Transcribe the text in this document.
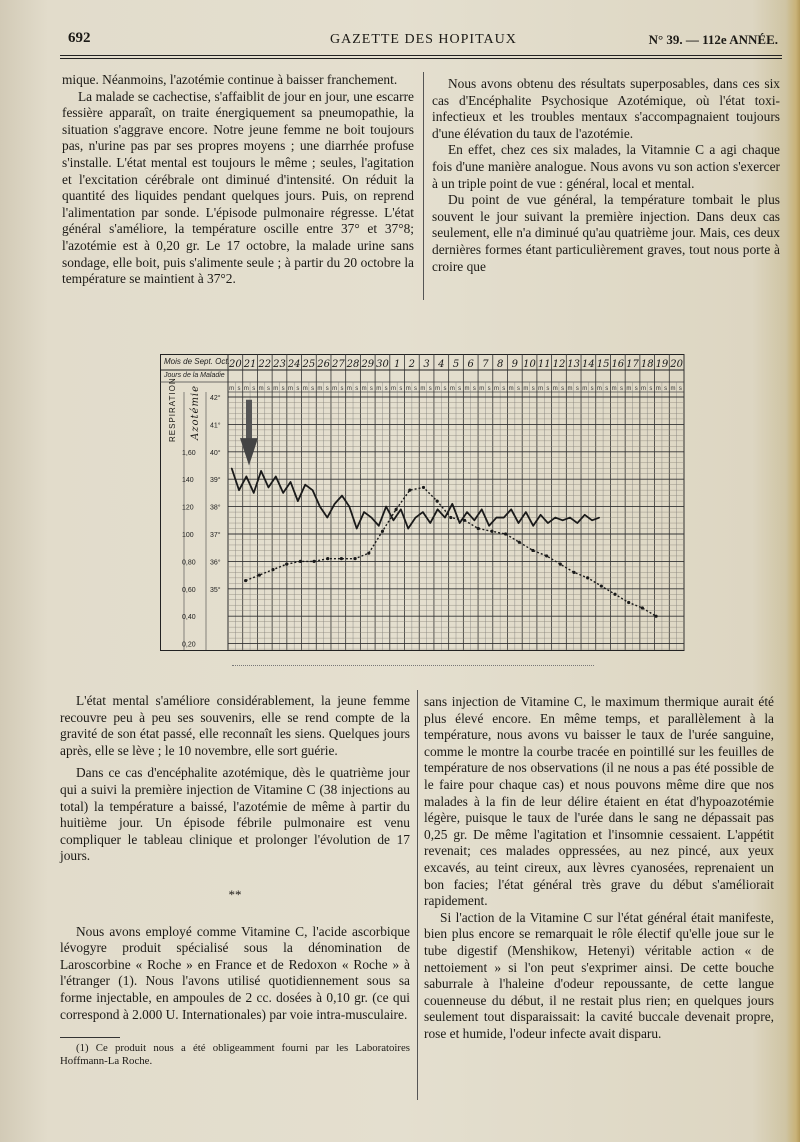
692	GAZETTE DES HOPITAUX	N° 39. — 112e ANNÉE.

mique. Néanmoins, l'azotémie continue à baisser franchement.

La malade se cachectise, s'affaiblit de jour en jour, une escarre fessière apparaît, on traite énergiquement sa pneumopathie, la situation s'aggrave encore. Notre jeune femme ne boit toujours pas, n'urine pas par ses propres moyens ; une diarrhée profuse s'installe. L'état mental est toujours le même ; seules, l'agitation et l'excitation cérébrale ont diminué d'intensité. On réduit la quantité des liquides pendant quelques jours. Puis, on reprend l'alimentation par sonde. L'épisode pulmonaire régresse. L'état général s'améliore, la température oscille entre 37° et 37°8; l'azotémie est à 0,20 gr. Le 17 octobre, la malade urine sans sondage, elle boit, puis s'alimente seule ; à partir du 20 octobre la température se maintient à 37°2.

Nous avons obtenu des résultats superposables, dans ces six cas d'Encéphalite Psychosique Azotémique, où l'état toxi-infectieux et les troubles mentaux s'accompagnaient toujours d'une élévation du taux de l'azotémie.

En effet, chez ces six malades, la Vitamnie C a agi chaque fois d'une manière analogue. Nous avons vu son action s'exercer à un triple point de vue : général, local et mental.

Du point de vue général, la température tombait le plus souvent le jour suivant la première injection. Dans deux cas seulement, elle n'a diminué qu'au quatrième jour. Mais, ces deux dernières formes étant particulièrement graves, tout nous porte à croire que

20
m s
21
m s
22
m s
23
m s
24
m s
25
m s
26
m s
27
m s
28
m s
29
m s
30
m s
1
m s
2
m s
3
m s
4
m s
5
m s
6
m s
7
m s
8
m s
9
m s
10
m s
11
m s
12
m s
13
m s
14
m s
15
m s
16
m s
17
m s
18
m s
19
m s
20
m s
42°
41°
40°
39°
38°
37°
36°
35°
1,60
140
120
100
0,80
0,60
0,40
0,20
Mois de Sept. Oct.
Jours de la Maladie
RESPIRATION Azotémie

L'état mental s'améliore considérablement, la jeune femme recouvre peu à peu ses souvenirs, elle se rend compte de la gravité de son état passé, elle reconnaît les siens. Quelques jours après, elle se lève ; le 10 novembre, elle sort guérie.

Dans ce cas d'encéphalite azotémique, dès le quatrième jour qui a suivi la première injection de Vitamine C (38 injections au total) la température a baissé, l'azotémie de même à partir du huitième jour. Un épisode fébrile pulmonaire est venu compliquer le tableau clinique et prolonger l'évolution de 17 jours.

**

Nous avons employé comme Vitamine C, l'acide ascorbique lévogyre produit spécialisé sous la dénomination de Laroscorbine « Roche » en France et de Redoxon « Roche » à l'étranger (1). Nous l'avons utilisé quotidiennement sous sa forme injectable, en ampoules de 2 cc. dosées à 0,10 gr. (ce qui correspond à 2.000 U. Internationales) par voie intra-musculaire.

(1) Ce produit nous a été obligeamment fourni par les Laboratoires Hoffmann-La Roche.

sans injection de Vitamine C, le maximum thermique aurait été plus élevé encore. En même temps, et parallèlement à la température, nous avons vu baisser le taux de l'urée sanguine, comme le montre la courbe tracée en pointillé sur les feuilles de température de nos observations (il ne nous a pas été possible de le faire pour chaque cas) et nous pouvons même dire que nos malades à la fin de leur délire étaient en état d'hypoazotémie légère, puisque le taux de l'urée dans le sang ne dépassait pas 0,25 gr. De même l'agitation et l'insomnie cessaient. L'appétit revenait; ces malades oppressées, au nez pincé, aux yeux excavés, au teint cireux, aux lèvres cyanosées, reprenaient un bon facies; l'état général très grave du début s'améliorait rapidement.

Si l'action de la Vitamine C sur l'état général était manifeste, bien plus encore se remarquait le rôle électif qu'elle joue sur le tube digestif (Menshikow, Hetenyi) véritable action « de nettoiement » si l'on peut s'exprimer ainsi. De cette bouche saburrale à l'haleine d'odeur repoussante, de cette langue couenneuse du début, il ne restait plus rien; en quelques jours seulement tout disparaissait: la cavité buccale devenait propre, rose et humide, l'odeur infecte avait disparu.
